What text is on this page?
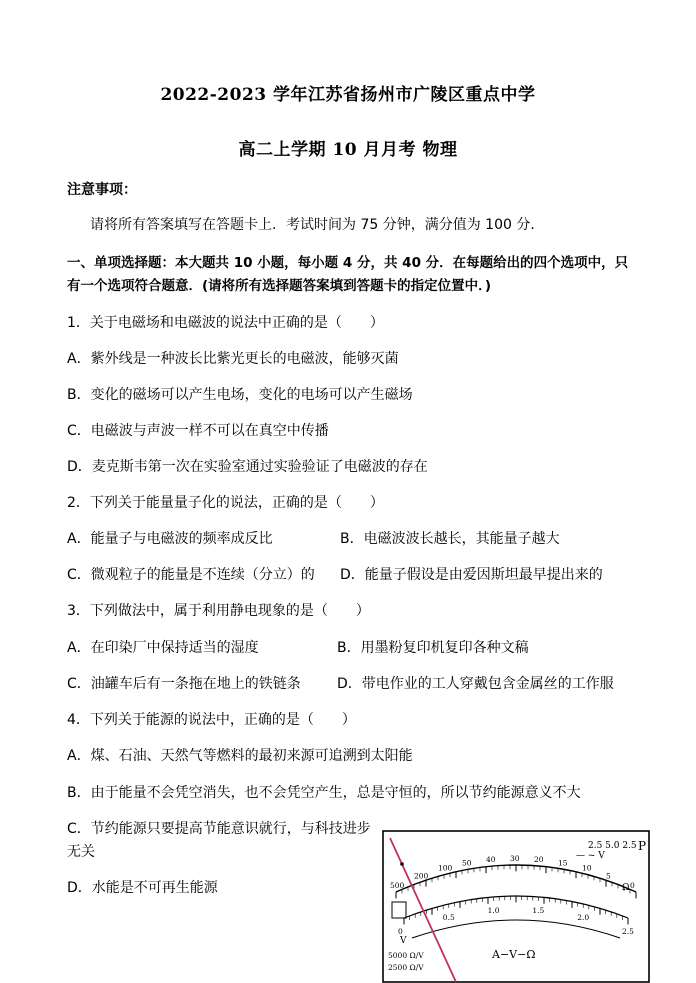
2022-2023 学年江苏省扬州市广陵区重点中学
高二上学期 10 月月考 物理
注意事项：
请将所有答案填写在答题卡上．考试时间为 75 分钟，满分值为 100 分．
一、单项选择题：本大题共 10 小题，每小题 4 分，共 40 分．在每题给出的四个选项中，只
有一个选项符合题意．(请将所有选择题答案填到答题卡的指定位置中．)
1．关于电磁场和电磁波的说法中正确的是（　　）
A．紫外线是一种波长比紫光更长的电磁波，能够灭菌
B．变化的磁场可以产生电场，变化的电场可以产生磁场
C．电磁波与声波一样不可以在真空中传播
D．麦克斯韦第一次在实验室通过实验验证了电磁波的存在
2．下列关于能量量子化的说法，正确的是（　　）
A．能量子与电磁波的频率成反比	B．电磁波波长越长，其能量子越大
C．微观粒子的能量是不连续（分立）的 D．能量子假设是由爱因斯坦最早提出来的
3．下列做法中，属于利用静电现象的是（　　）
A．在印染厂中保持适当的湿度	B．用墨粉复印机复印各种文稿
C．油罐车后有一条拖在地上的铁链条	D．带电作业的工人穿戴包含金属丝的工作服
4．下列关于能源的说法中，正确的是（　　）
A．煤、石油、天然气等燃料的最初来源可追溯到太阳能
B．由于能量不会凭空消失，也不会凭空产生，总是守恒的，所以节约能源意义不大
C．节约能源只要提高节能意识就行，与科技进步
无关
D．水能是不可再生能源	500
200
100
50 40 30 20 15
10
5
0
0
0.5
1.0	1.5
2.0
2.5
2.5 5.0 2.5 P
— ~ V
Ω
V
A−V−Ω
5000 Ω/V
2500 Ω/V
